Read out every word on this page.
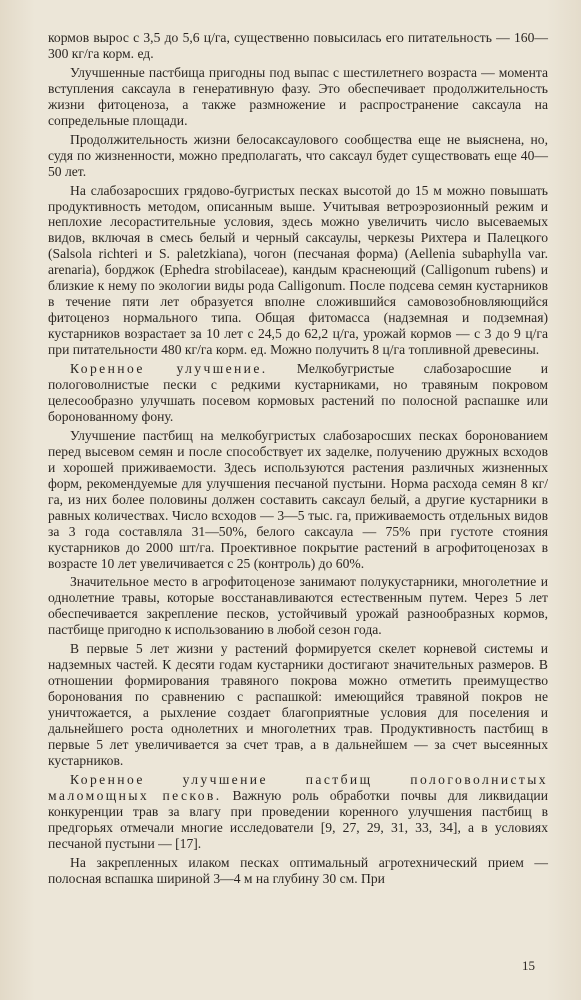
кормов вырос с 3,5 до 5,6 ц/га, существенно повысилась его питательность — 160—300 кг/га корм. ед.

Улучшенные пастбища пригодны под выпас с шестилетнего возраста — момента вступления саксаула в генеративную фазу. Это обеспечивает продолжительность жизни фитоценоза, а также размножение и распространение саксаула на сопредельные площади.

Продолжительность жизни белосаксаулового сообщества еще не выяснена, но, судя по жизненности, можно предполагать, что саксаул будет существовать еще 40—50 лет.

На слабозаросших грядово-бугристых песках высотой до 15 м можно повышать продуктивность методом, описанным выше. Учитывая ветроэрозионный режим и неплохие лесорастительные условия, здесь можно увеличить число высеваемых видов, включая в смесь белый и черный саксаулы, черкезы Рихтера и Палецкого (Salsola richteri и S. paletzkiana), чогон (песчаная форма) (Aellenia subaphylla var. arenaria), борджок (Ephedra strobilaceae), кандым краснеющий (Calligonum rubens) и близкие к нему по экологии виды рода Calligonum. После подсева семян кустарников в течение пяти лет образуется вполне сложившийся самовозобновляющийся фитоценоз нормального типа. Общая фитомасса (надземная и подземная) кустарников возрастает за 10 лет с 24,5 до 62,2 ц/га, урожай кормов — с 3 до 9 ц/га при питательности 480 кг/га корм. ед. Можно получить 8 ц/га топливной древесины.

Коренное улучшение. Мелкобугристые слабозаросшие и пологоволнистые пески с редкими кустарниками, но травяным покровом целесообразно улучшать посевом кормовых растений по полосной распашке или боронованному фону.

Улучшение пастбищ на мелкобугристых слабозаросших песках боронованием перед высевом семян и после способствует их заделке, получению дружных всходов и хорошей приживаемости. Здесь используются растения различных жизненных форм, рекомендуемые для улучшения песчаной пустыни. Норма расхода семян 8 кг/га, из них более половины должен составить саксаул белый, а другие кустарники в равных количествах. Число всходов — 3—5 тыс. га, приживаемость отдельных видов за 3 года составляла 31—50%, белого саксаула — 75% при густоте стояния кустарников до 2000 шт/га. Проективное покрытие растений в агрофитоценозах в возрасте 10 лет увеличивается с 25 (контроль) до 60%.

Значительное место в агрофитоценозе занимают полукустарники, многолетние и однолетние травы, которые восстанавливаются естественным путем. Через 5 лет обеспечивается закрепление песков, устойчивый урожай разнообразных кормов, пастбище пригодно к использованию в любой сезон года.

В первые 5 лет жизни у растений формируется скелет корневой системы и надземных частей. К десяти годам кустарники достигают значительных размеров. В отношении формирования травяного покрова можно отметить преимущество боронования по сравнению с распашкой: имеющийся травяной покров не уничтожается, а рыхление создает благоприятные условия для поселения и дальнейшего роста однолетних и многолетних трав. Продуктивность пастбищ в первые 5 лет увеличивается за счет трав, а в дальнейшем — за счет высеянных кустарников.

Коренное улучшение пастбищ пологоволнистых маломощных песков. Важную роль обработки почвы для ликвидации конкуренции трав за влагу при проведении коренного улучшения пастбищ в предгорьях отмечали многие исследователи [9, 27, 29, 31, 33, 34], а в условиях песчаной пустыни — [17].

На закрепленных илаком песках оптимальный агротехнический прием — полосная вспашка шириной 3—4 м на глубину 30 см. При

15
